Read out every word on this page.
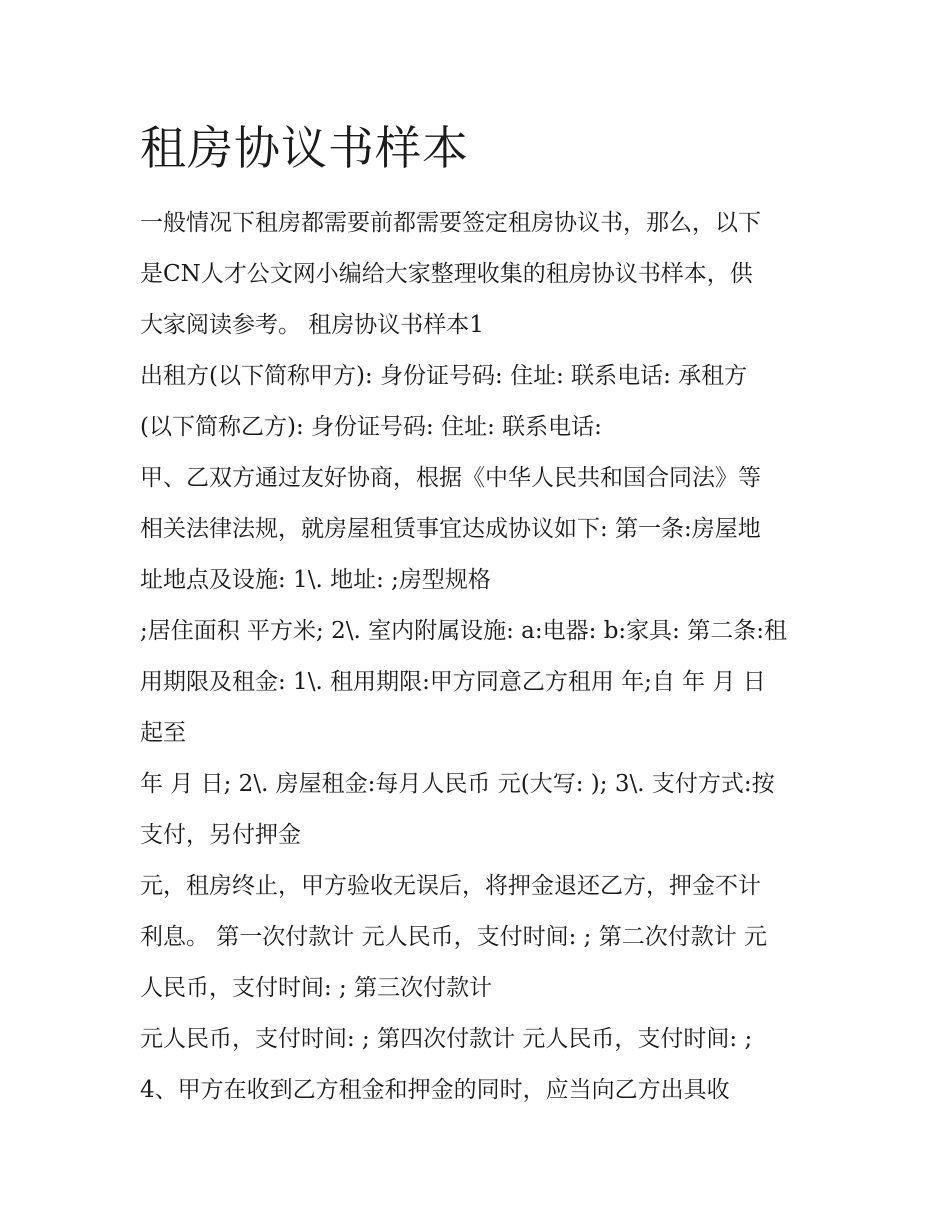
租房协议书样本
一般情况下租房都需要前都需要签定租房协议书，那么，以下
是CN人才公文网小编给大家整理收集的租房协议书样本，供
大家阅读参考。 租房协议书样本1
出租方(以下简称甲方): 身份证号码: 住址: 联系电话: 承租方
(以下简称乙方): 身份证号码: 住址: 联系电话:
甲、乙双方通过友好协商，根据《中华人民共和国合同法》等
相关法律法规，就房屋租赁事宜达成协议如下: 第一条:房屋地
址地点及设施: 1\. 地址: ;房型规格
;居住面积 平方米; 2\. 室内附属设施: a:电器: b:家具: 第二条:租
用期限及租金: 1\. 租用期限:甲方同意乙方租用 年;自 年 月 日
起至
年 月 日; 2\. 房屋租金:每月人民币 元(大写: ); 3\. 支付方式:按
支付，另付押金
元，租房终止，甲方验收无误后，将押金退还乙方，押金不计
利息。 第一次付款计 元人民币，支付时间: ; 第二次付款计 元
人民币，支付时间: ; 第三次付款计
元人民币，支付时间: ; 第四次付款计 元人民币，支付时间: ;
4、甲方在收到乙方租金和押金的同时，应当向乙方出具收
